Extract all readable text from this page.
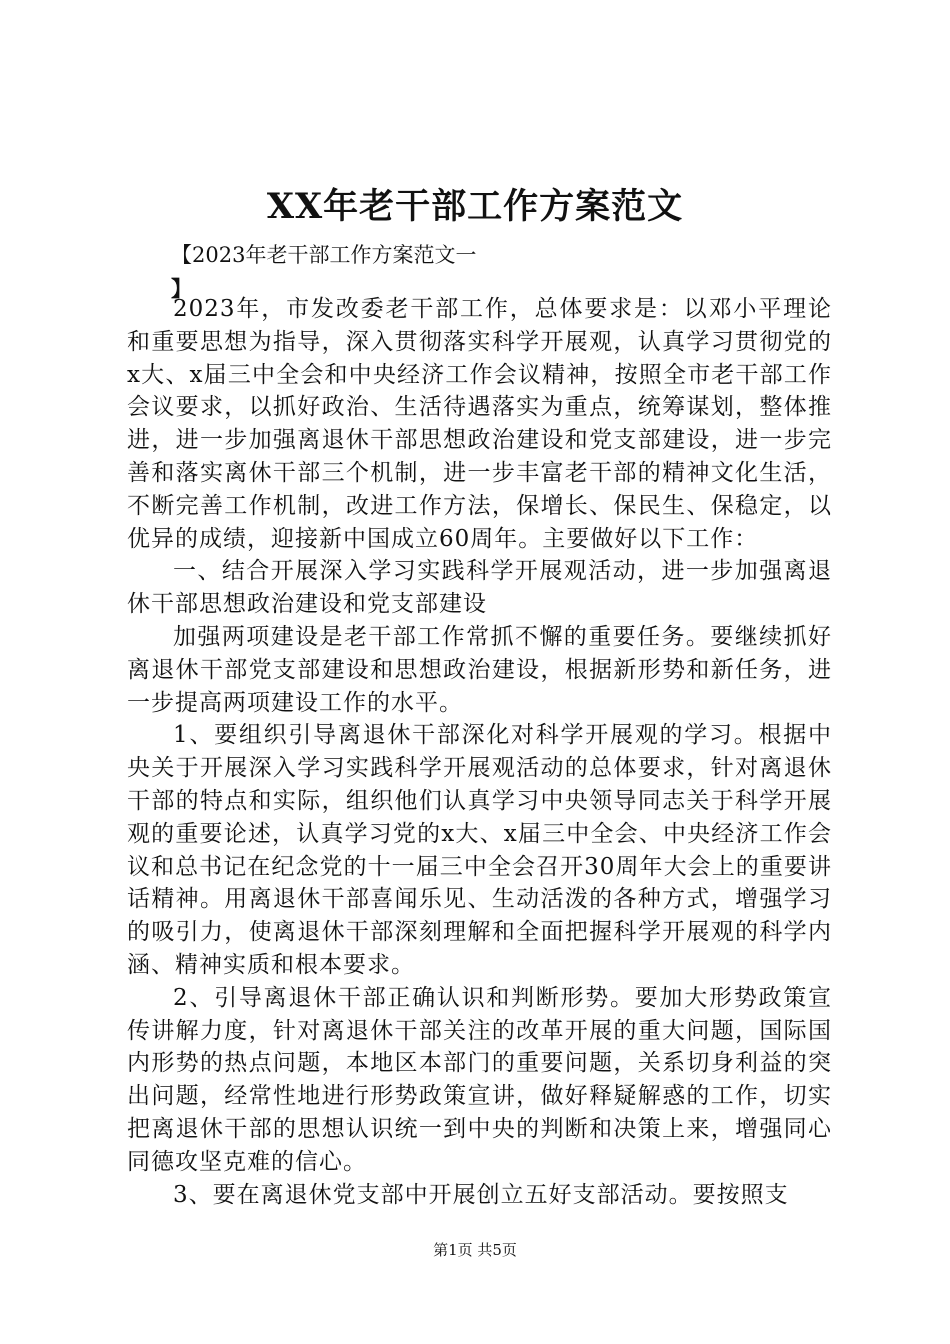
XX年老干部工作方案范文
【2023年老干部工作方案范文一
】

2023年，市发改委老干部工作，总体要求是：以邓小平理论和重要思想为指导，深入贯彻落实科学开展观，认真学习贯彻党的x大、x届三中全会和中央经济工作会议精神，按照全市老干部工作会议要求，以抓好政治、生活待遇落实为重点，统筹谋划，整体推进，进一步加强离退休干部思想政治建设和党支部建设，进一步完善和落实离休干部三个机制，进一步丰富老干部的精神文化生活，不断完善工作机制，改进工作方法，保增长、保民生、保稳定，以优异的成绩，迎接新中国成立60周年。主要做好以下工作：

一、结合开展深入学习实践科学开展观活动，进一步加强离退休干部思想政治建设和党支部建设

加强两项建设是老干部工作常抓不懈的重要任务。要继续抓好离退休干部党支部建设和思想政治建设，根据新形势和新任务，进一步提高两项建设工作的水平。

1、要组织引导离退休干部深化对科学开展观的学习。根据中央关于开展深入学习实践科学开展观活动的总体要求，针对离退休干部的特点和实际，组织他们认真学习中央领导同志关于科学开展观的重要论述，认真学习党的x大、x届三中全会、中央经济工作会议和总书记在纪念党的十一届三中全会召开30周年大会上的重要讲话精神。用离退休干部喜闻乐见、生动活泼的各种方式，增强学习的吸引力，使离退休干部深刻理解和全面把握科学开展观的科学内涵、精神实质和根本要求。

2、引导离退休干部正确认识和判断形势。要加大形势政策宣传讲解力度，针对离退休干部关注的改革开展的重大问题，国际国内形势的热点问题，本地区本部门的重要问题，关系切身利益的突出问题，经常性地进行形势政策宣讲，做好释疑解惑的工作，切实把离退休干部的思想认识统一到中央的判断和决策上来，增强同心同德攻坚克难的信心。

3、要在离退休党支部中开展创立五好支部活动。要按照支

第1页 共5页
